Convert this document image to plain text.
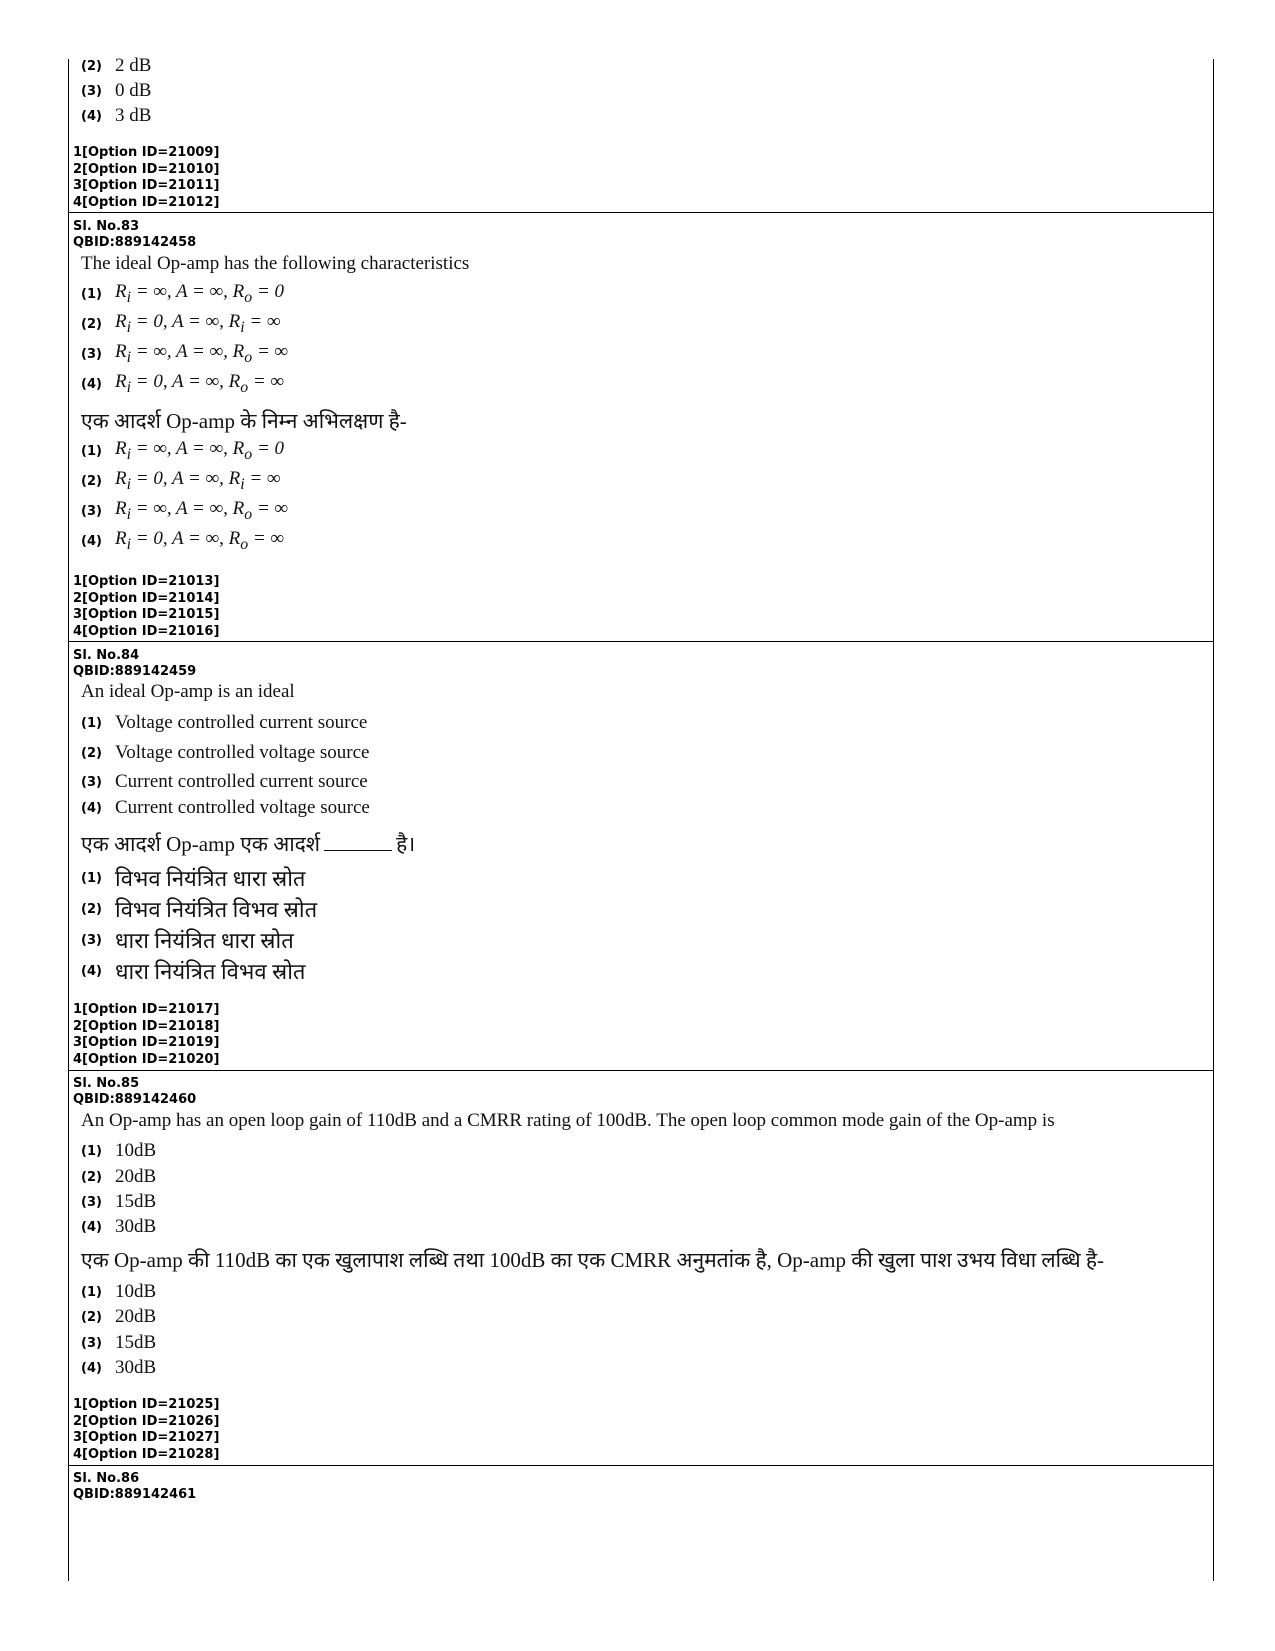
(2) 2 dB
(3) 0 dB
(4) 3 dB
1[Option ID=21009]
2[Option ID=21010]
3[Option ID=21011]
4[Option ID=21012]
Sl. No.83
QBID:889142458
The ideal Op-amp has the following characteristics
(1) $R_i$ = ∞, A = ∞, $R_o = 0$
(2) $R_i = 0$, A = ∞, $R_i$ = ∞
(3) $R_i$ = ∞, A = ∞, $R_o$ = ∞
(4) $R_i = 0$, A = ∞, $R_o$ = ∞
एक आदर्श Op-amp के निम्न अभिलक्षण है-
(1) $R_i$ = ∞, A = ∞, $R_o = 0$
(2) $R_i = 0$, A = ∞, $R_i$ = ∞
(3) $R_i$ = ∞, A = ∞, $R_o$ = ∞
(4) $R_i = 0$, A = ∞, $R_o$ = ∞
1[Option ID=21013]
2[Option ID=21014]
3[Option ID=21015]
4[Option ID=21016]
Sl. No.84
QBID:889142459
An ideal Op-amp is an ideal
(1) Voltage controlled current source
(2) Voltage controlled voltage source
(3) Current controlled current source
(4) Current controlled voltage source
एक आदर्श Op-amp एक आदर्श	है।
(1) विभव नियंत्रित धारा स्रोत
(2) विभव नियंत्रित विभव स्रोत
(3) धारा नियंत्रित धारा स्रोत
(4) धारा नियंत्रित विभव स्रोत
1[Option ID=21017]
2[Option ID=21018]
3[Option ID=21019]
4[Option ID=21020]
Sl. No.85
QBID:889142460
An Op-amp has an open loop gain of 110dB and a CMRR rating of 100dB. The open loop common mode gain of the Op-amp is
(1) 10dB
(2) 20dB
(3) 15dB
(4) 30dB
एक Op-amp की 110dB का एक खुलापाश लब्धि तथा 100dB का एक CMRR अनुमतांक है, Op-amp की खुला पाश उभय विधा लब्धि है-
(1) 10dB
(2) 20dB
(3) 15dB
(4) 30dB
1[Option ID=21025]
2[Option ID=21026]
3[Option ID=21027]
4[Option ID=21028]
Sl. No.86
QBID:889142461
